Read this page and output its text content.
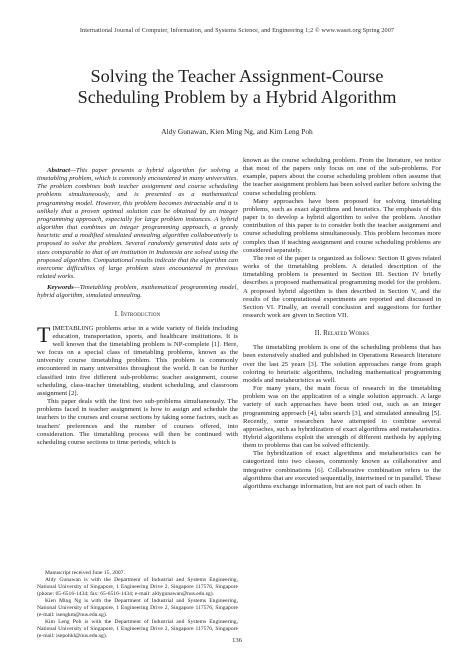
International Journal of Computer, Information, and Systems Science, and Engineering 1;2 © www.waset.org Spring 2007
Solving the Teacher Assignment-Course
Scheduling Problem by a Hybrid Algorithm
Aldy Gunawan, Kien Ming Ng, and Kim Leng Poh

Abstract—This paper presents a hybrid algorithm for solving a timetabling problem, which is commonly encountered in many universities. The problem combines both teacher assignment and course scheduling problems simultaneously, and is presented as a mathematical programming model. However, this problem becomes intractable and it is unlikely that a proven optimal solution can be obtained by an integer programming approach, especially for large problem instances. A hybrid algorithm that combines an integer programming approach, a greedy heuristic and a modified simulated annealing algorithm collaboratively is proposed to solve the problem. Several randomly generated data sets of sizes comparable to that of an institution in Indonesia are solved using the proposed algorithm. Computational results indicate that the algorithm can overcome difficulties of large problem sizes encountered in previous related works.

Keywords—Timetabling problem, mathematical programming model, hybrid algorithm, simulated annealing.

I. Introduction

TIMETABLING problems arise in a wide variety of fields including education, transportation, sports, and healthcare institutions. It is well known that the timetabling problem is NP-complete [1]. Here, we focus on a special class of timetabling problems, known as the university course timetabling problem. This problem is commonly encountered in many universities throughout the world. It can be further classified into five different sub-problems: teacher assignment, course scheduling, class-teacher timetabling, student scheduling, and classroom assignment [2].

This paper deals with the first two sub-problems simultaneously. The problems faced in teacher assignment is how to assign and schedule the teachers to the courses and course sections by taking some factors, such as teachers' preferences and the number of courses offered, into consideration. The timetabling process will then be continued with scheduling course sections to time periods, which is

Manuscript received June 15, 2007.

Aldy Gunawan is with the Department of Industrial and Systems Engineering, National University of Singapore, 1 Engineering Drive 2, Singapore 117576, Singapore (phone: 65-6516-1434; fax: 65-6516-1434; e-mail: aldygunawan@nus.edu.sg).

Kien Ming Ng is with the Department of Industrial and Systems Engineering, National University of Singapore, 1 Engineering Drive 2, Singapore 117576, Singapore (e-mail: isengkm@nus.edu.sg).

Kim Leng Poh is with the Department of Industrial and Systems Engineering, National University of Singapore, 1 Engineering Drive 2, Singapore 117576, Singapore (e-mail: isepohkl@nus.edu.sg).

known as the course scheduling problem. From the literature, we notice that most of the papers only focus on one of the sub-problems. For example, papers about the course scheduling problem often assume that the teacher assignment problem has been solved earlier before solving the course scheduling problem.

Many approaches have been proposed for solving timetabling problems, such as exact algorithms and heuristics. The emphasis of this paper is to develop a hybrid algorithm to solve the problem. Another contribution of this paper is to consider both the teacher assignment and course scheduling problems simultaneously. This problem becomes more complex than if teaching assignment and course scheduling problems are considered separately.

The rest of the paper is organized as follows: Section II gives related works of the timetabling problem. A detailed description of the timetabling problem is presented in Section III. Section IV briefly describes a proposed mathematical programming model for the problem. A proposed hybrid algorithm is then described in Section V, and the results of the computational experiments are reported and discussed in Section VI. Finally, an overall conclusion and suggestions for further research work are given in Section VII.

II. Related Works

The timetabling problem is one of the scheduling problems that has been extensively studied and published in Operations Research literature over the last 25 years [3]. The solution approaches range from graph coloring to heuristic algorithms, including mathematical programming models and metaheuristics as well.

For many years, the main focus of research in the timetabling problem was on the application of a single solution approach. A large variety of such approaches have been tried out, such as an integer programming approach [4], tabu search [3], and simulated annealing [5]. Recently, some researchers have attempted to combine several approaches, such as hybridization of exact algorithms and metaheuristics. Hybrid algorithms exploit the strength of different methods by applying them to problems that can be solved efficiently.

The hybridization of exact algorithms and metaheuristics can be categorized into two classes, commonly known as collaborative and integrative combinations [6]. Collaborative combination refers to the algorithms that are executed sequentially, intertwined or in parallel. These algorithms exchange information, but are not part of each other. In

136
